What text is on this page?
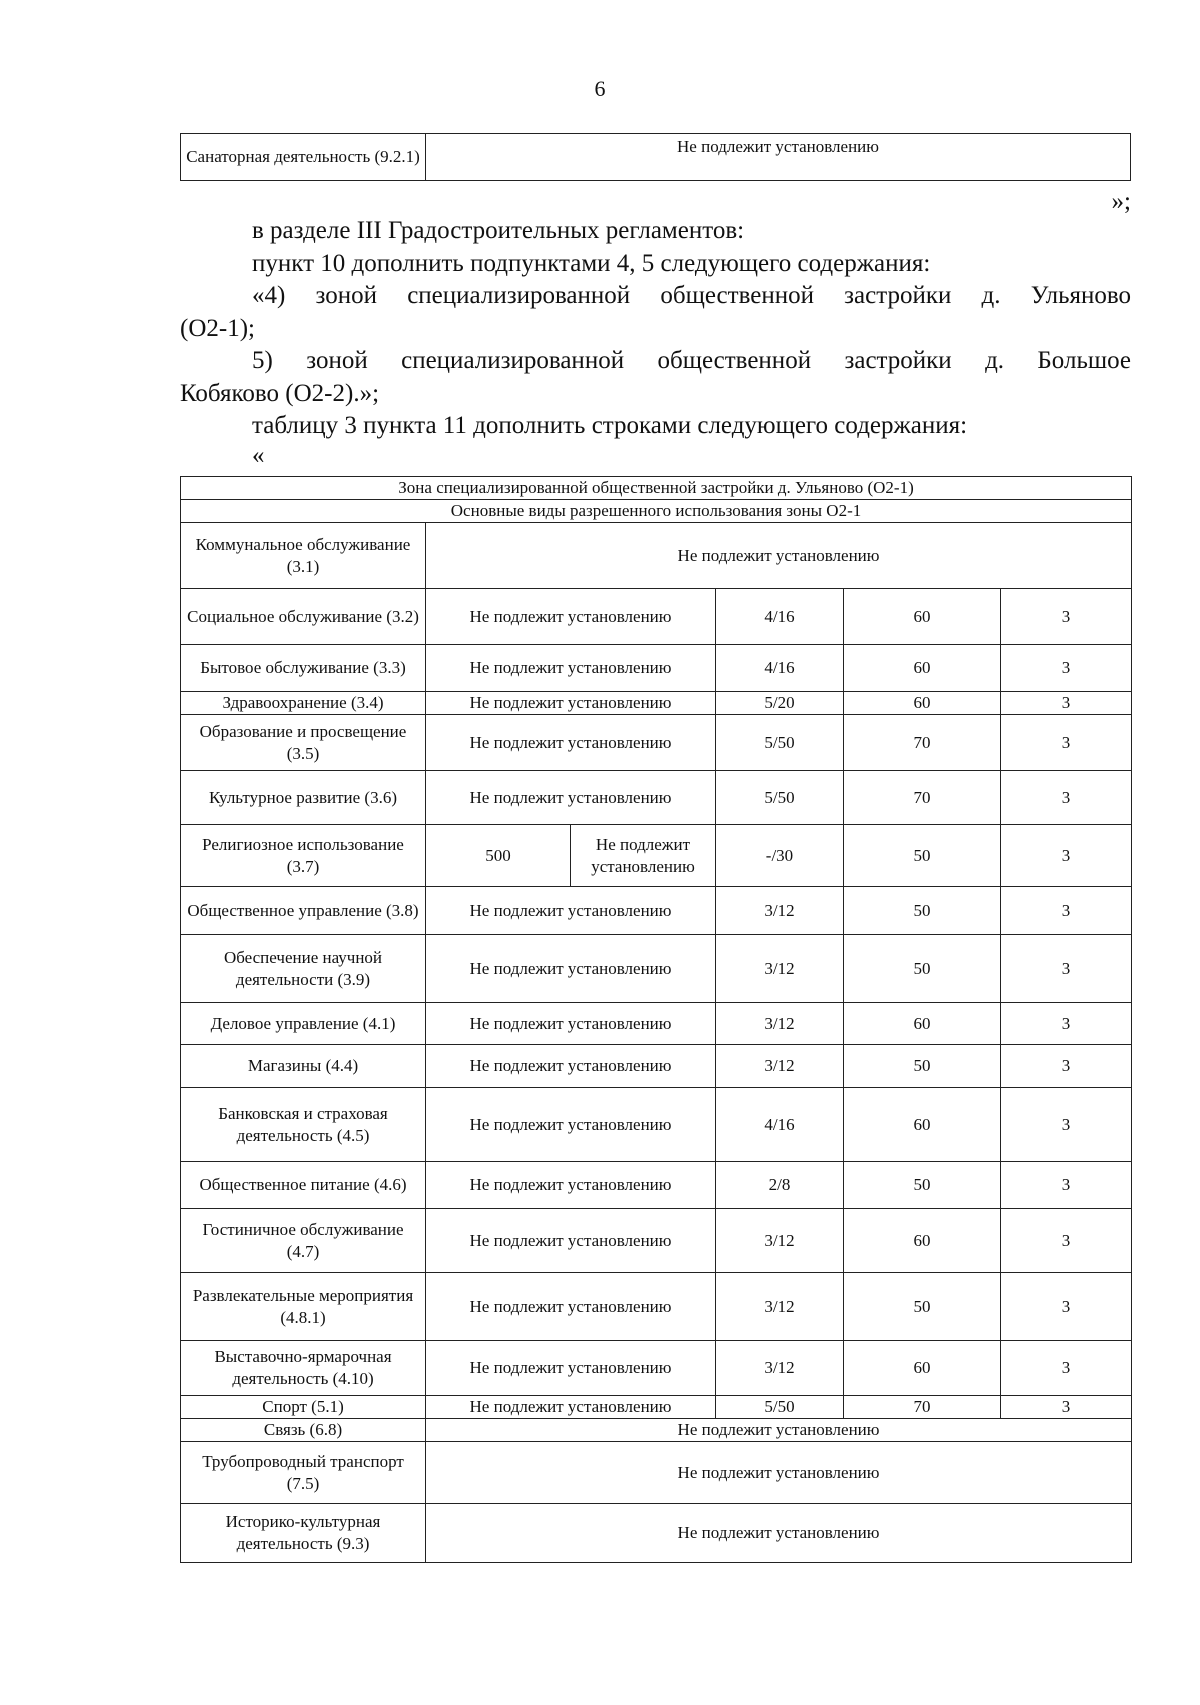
6
Санаторная деятельность (9.2.1)	Не подлежит установлению
»;

в разделе III Градостроительных регламентов:

пункт 10 дополнить подпунктами 4, 5 следующего содержания:

«4) зоной специализированной общественной застройки д. Ульяново

(О2-1);

5) зоной специализированной общественной застройки д. Большое

Кобяково (О2-2).»;

таблицу 3 пункта 11 дополнить строками следующего содержания:

«

Зона специализированной общественной застройки д. Ульяново (О2-1)					
Основные виды разрешенного использования зоны О2-1					
Коммунальное обслуживание (3.1)	Не подлежит установлению				
Социальное обслуживание (3.2)	Не подлежит установлению		4/16	60	3
Бытовое обслуживание (3.3)	Не подлежит установлению		4/16	60	3
Здравоохранение (3.4)	Не подлежит установлению		5/20	60	3
Образование и просвещение (3.5)	Не подлежит установлению		5/50	70	3
Культурное развитие (3.6)	Не подлежит установлению		5/50	70	3
Религиозное использование (3.7)	500	Не подлежит установлению	-/30	50	3
Общественное управление (3.8)	Не подлежит установлению		3/12	50	3
Обеспечение научной деятельности (3.9)	Не подлежит установлению		3/12	50	3
Деловое управление (4.1)	Не подлежит установлению		3/12	60	3
Магазины (4.4)	Не подлежит установлению		3/12	50	3
Банковская и страховая деятельность (4.5)	Не подлежит установлению		4/16	60	3
Общественное питание (4.6)	Не подлежит установлению		2/8	50	3
Гостиничное обслуживание (4.7)	Не подлежит установлению		3/12	60	3
Развлекательные мероприятия (4.8.1)	Не подлежит установлению		3/12	50	3
Выставочно-ярмарочная деятельность (4.10)	Не подлежит установлению		3/12	60	3
Спорт (5.1)	Не подлежит установлению		5/50	70	3
Связь (6.8)	Не подлежит установлению				
Трубопроводный транспорт (7.5)	Не подлежит установлению				
Историко-культурная деятельность (9.3)	Не подлежит установлению				
